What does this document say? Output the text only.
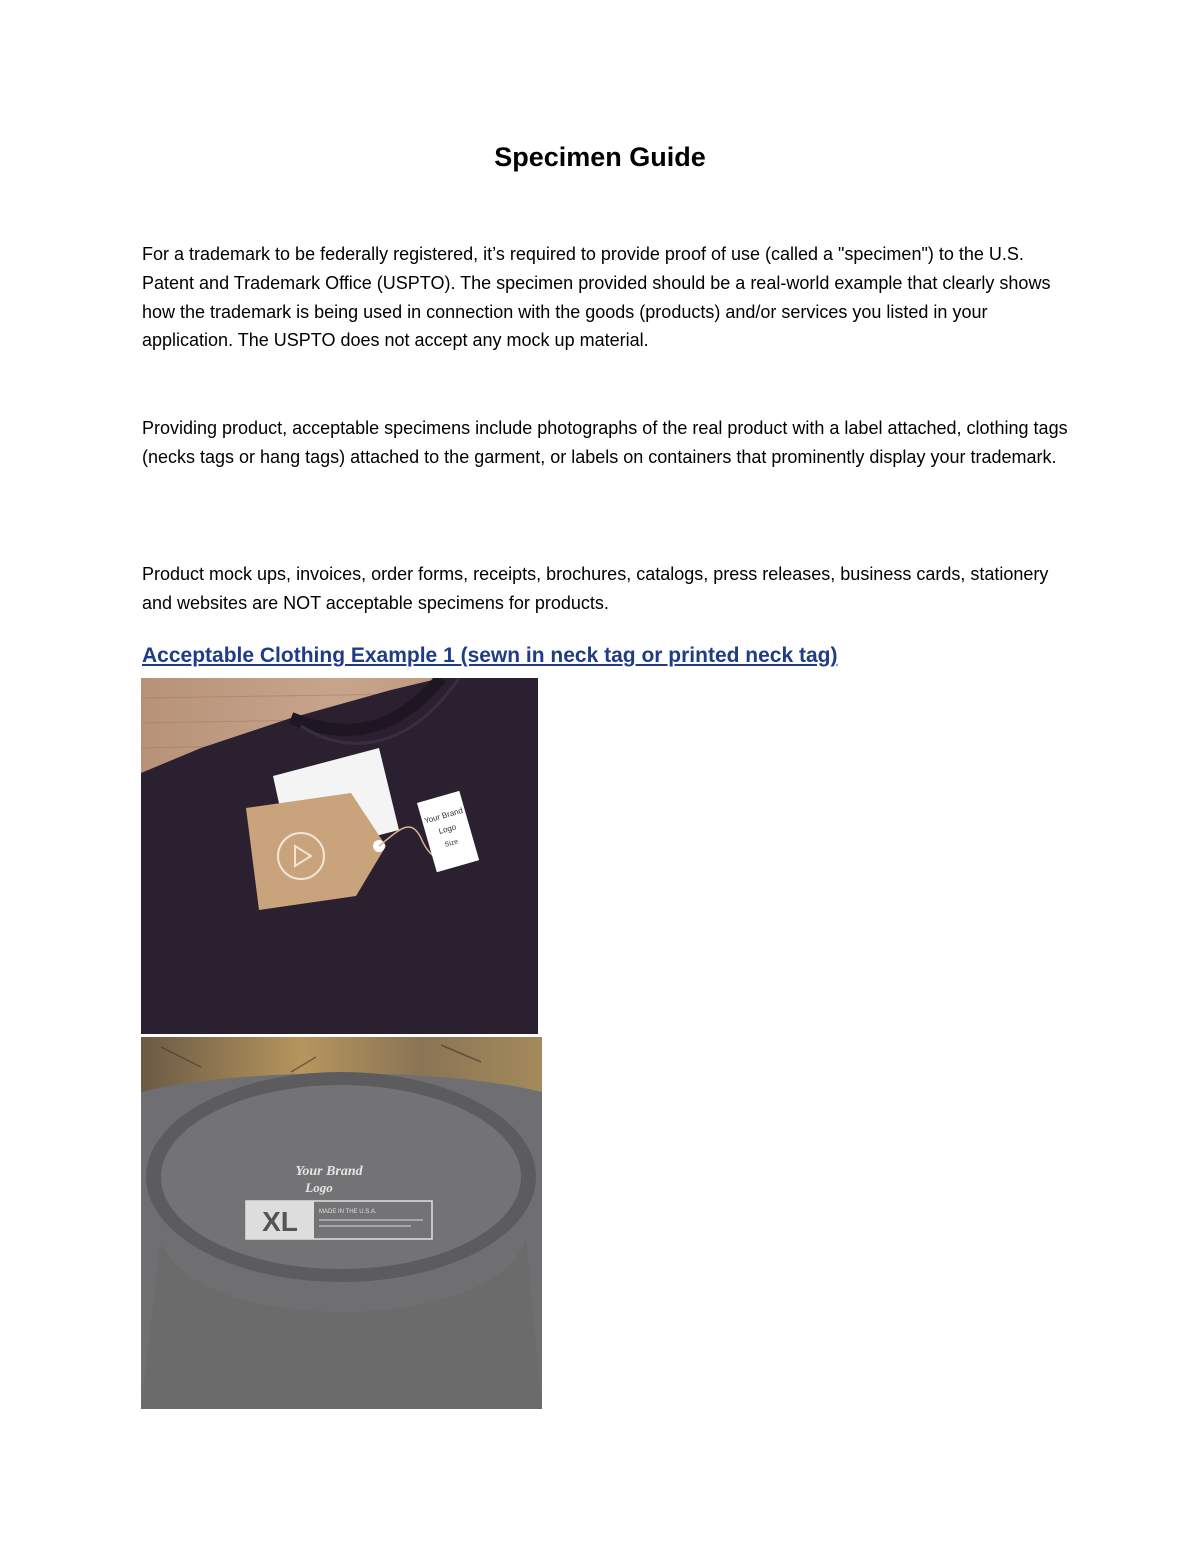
Specimen Guide
For a trademark to be federally registered, it’s required to provide proof of use (called a "specimen") to the U.S. Patent and Trademark Office (USPTO). The specimen provided should be a real-world example that clearly shows how the trademark is being used in connection with the goods (products) and/or services you listed in your application. The USPTO does not accept any mock up material.
Providing product, acceptable specimens include photographs of the real product with a label attached, clothing tags (necks tags or hang tags) attached to the garment, or labels on containers that prominently display your trademark.
Product mock ups, invoices, order forms, receipts, brochures, catalogs, press releases, business cards, stationery and websites are NOT acceptable specimens for products.
Acceptable Clothing Example 1 (sewn in neck tag or printed neck tag)
Your Brand
Logo
Size
Your Brand
Logo
XL	MADE IN THE U.S.A.
